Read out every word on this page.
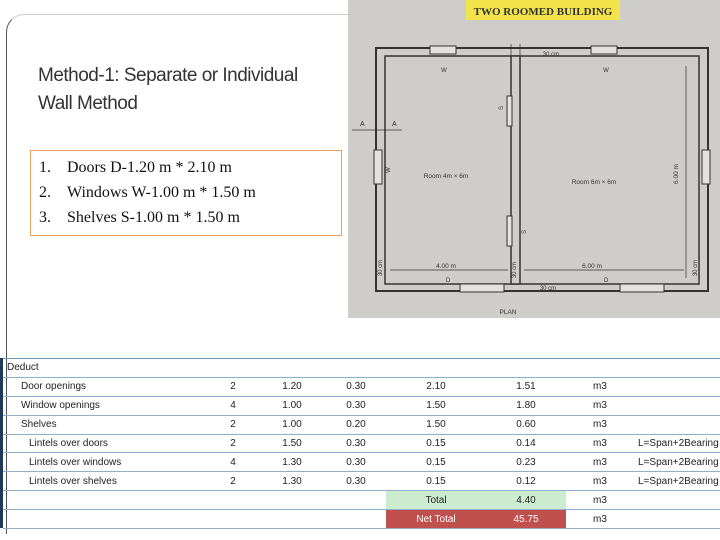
Method-1: Separate or Individual
Wall Method
1.	Doors D-1.20 m * 2.10 m
2.	Windows W-1.00 m * 1.50 m
3.	Shelves S-1.00 m * 1.50 m
TWO ROOMED BUILDING
W	W
W
S
S
D	D
30 cm
A	A
Room 4m × 6m
Room 6m × 6m	6.00 m
4.00 m	6.00 m
30 cm	30 cm	30 cm
30 cm
PLAN
Deduct							
Door openings	2	1.20	0.30	2.10	1.51	m3	
Window openings	4	1.00	0.30	1.50	1.80	m3	
Shelves	2	1.00	0.20	1.50	0.60	m3	
Lintels over doors	2	1.50	0.30	0.15	0.14	m3	L=Span+2Bearing
Lintels over windows	4	1.30	0.30	0.15	0.23	m3	L=Span+2Bearing
Lintels over shelves	2	1.30	0.30	0.15	0.12	m3	L=Span+2Bearing
				Total	4.40	m3	
				Net Total	45.75	m3	
